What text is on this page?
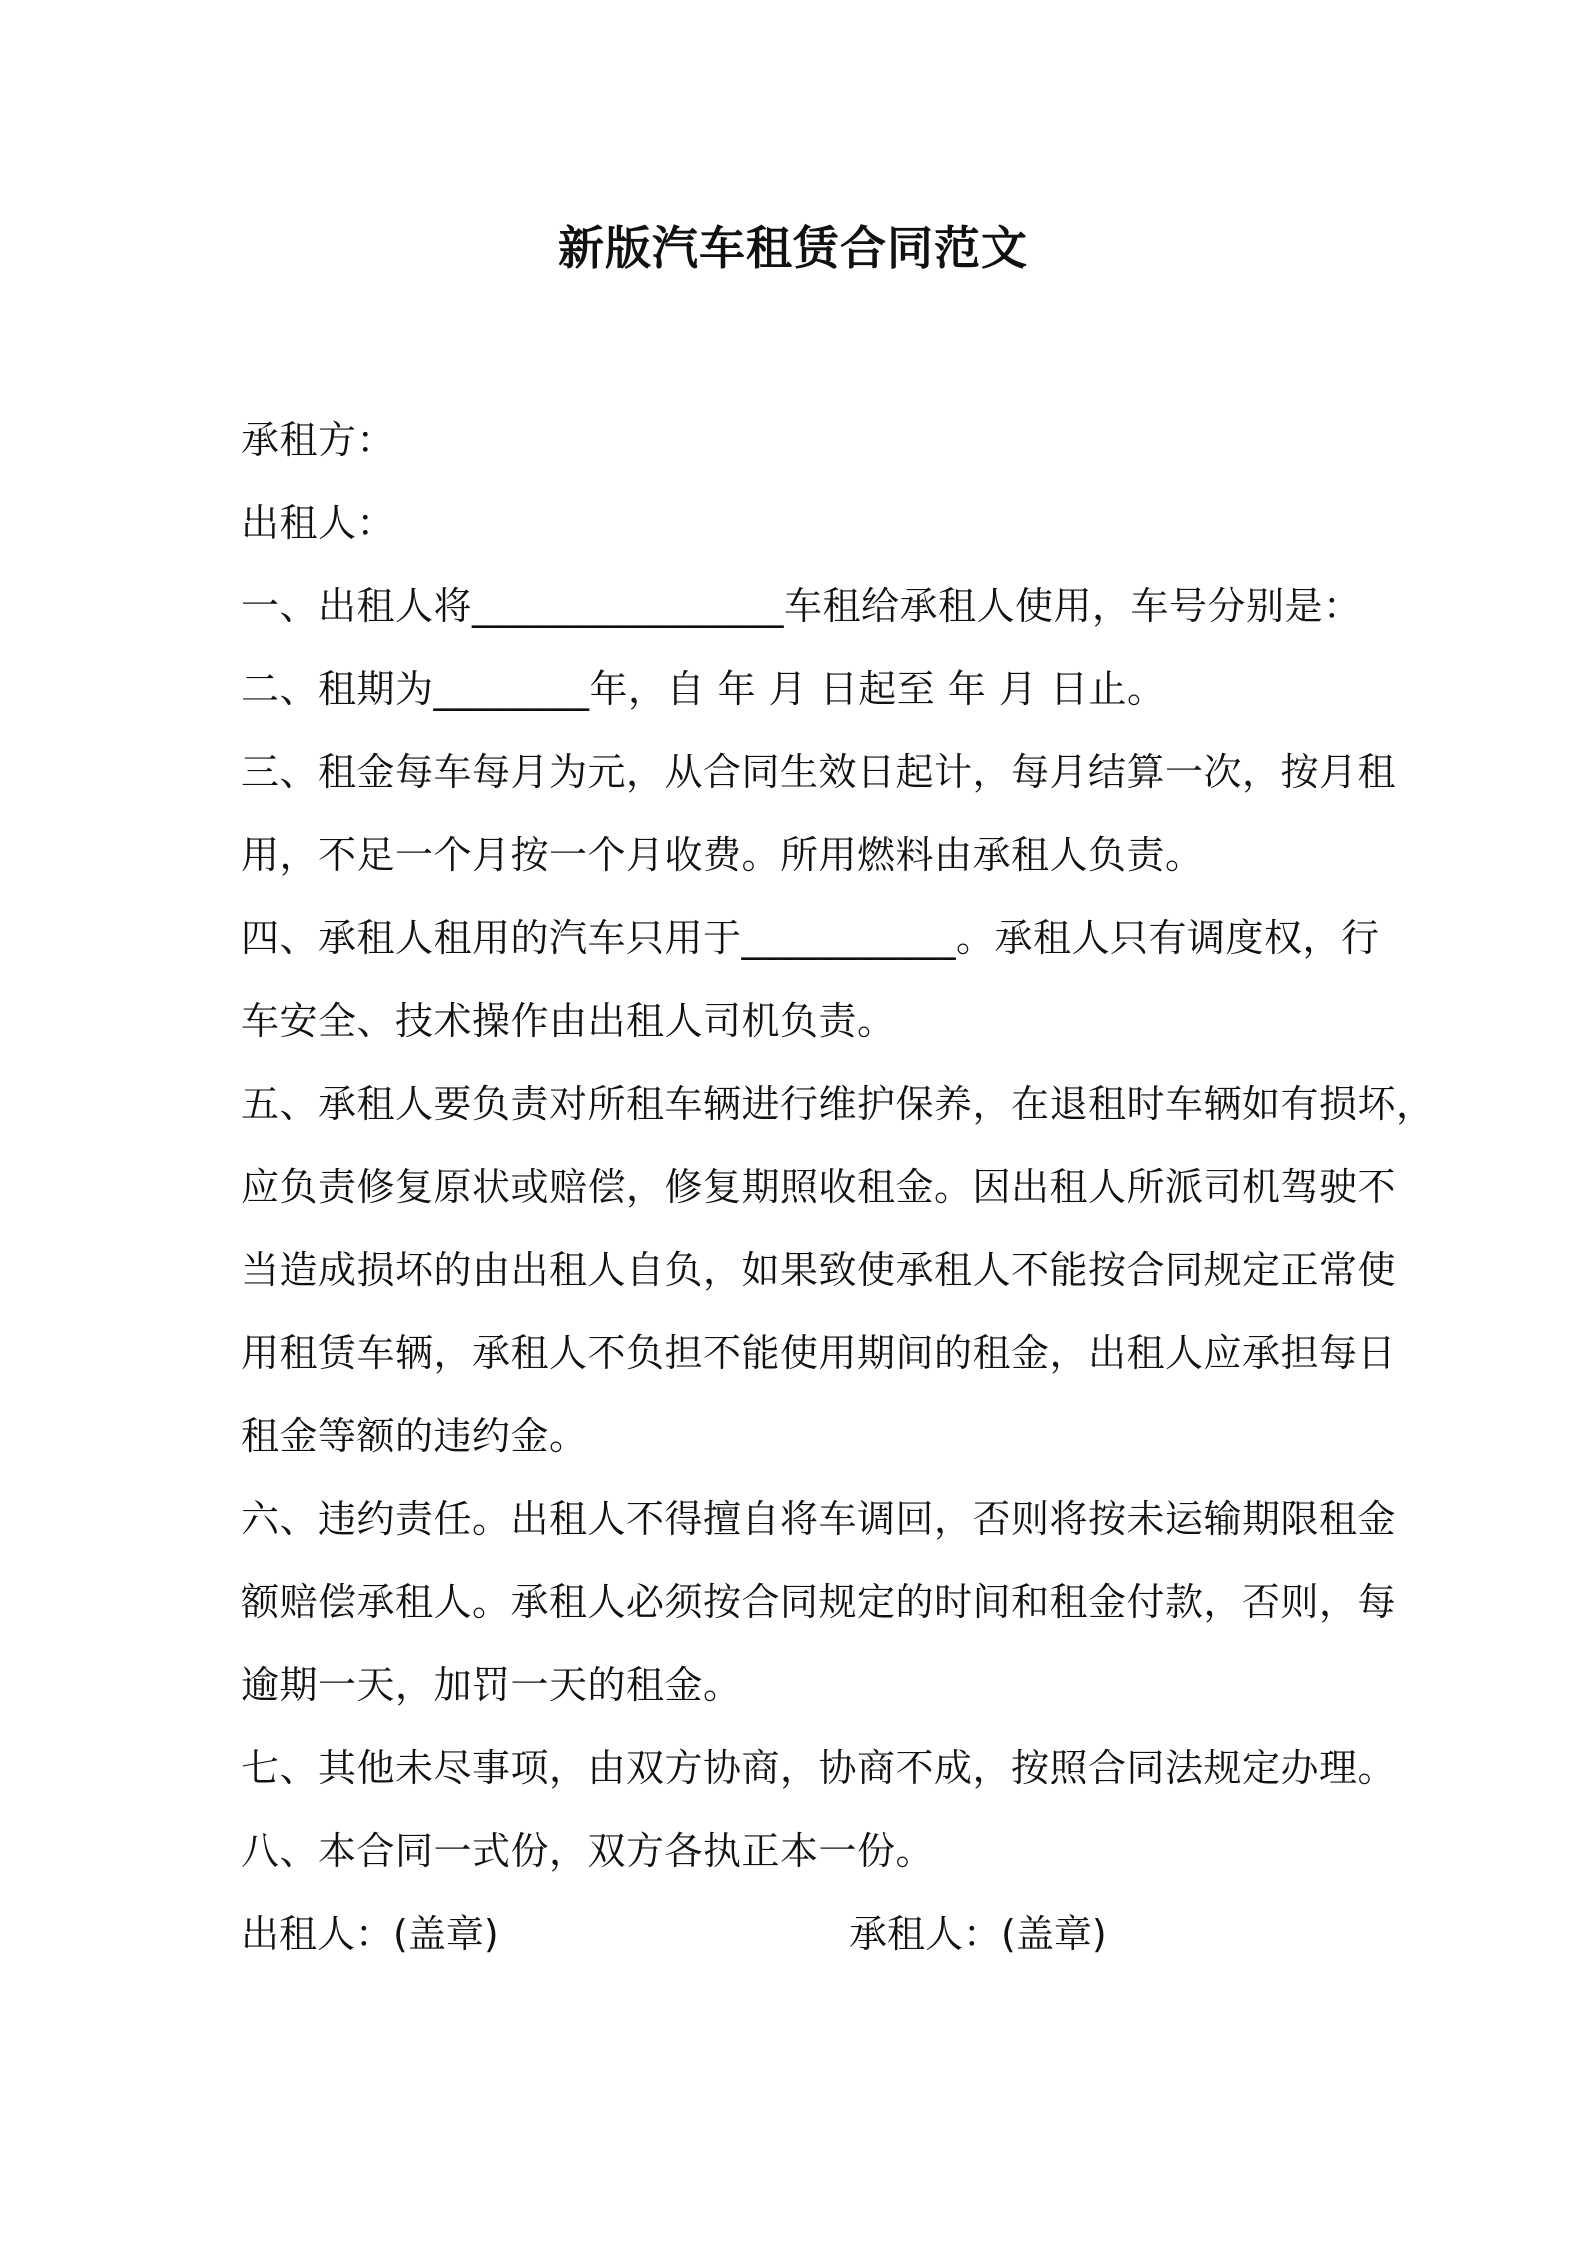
新版汽车租赁合同范文
承租方：
出租人：
一、出租人将________________车租给承租人使用，车号分别是：
二、租期为________年，自 年 月 日起至 年 月 日止。
三、租金每车每月为元，从合同生效日起计，每月结算一次，按月租
用，不足一个月按一个月收费。所用燃料由承租人负责。
四、承租人租用的汽车只用于___________。承租人只有调度权，行
车安全、技术操作由出租人司机负责。
五、承租人要负责对所租车辆进行维护保养，在退租时车辆如有损坏，
应负责修复原状或赔偿，修复期照收租金。因出租人所派司机驾驶不
当造成损坏的由出租人自负，如果致使承租人不能按合同规定正常使
用租赁车辆，承租人不负担不能使用期间的租金，出租人应承担每日
租金等额的违约金。
六、违约责任。出租人不得擅自将车调回，否则将按未运输期限租金
额赔偿承租人。承租人必须按合同规定的时间和租金付款，否则，每
逾期一天，加罚一天的租金。
七、其他未尽事项，由双方协商，协商不成，按照合同法规定办理。
八、本合同一式份，双方各执正本一份。
出租人：(盖章)	承租人：(盖章)
